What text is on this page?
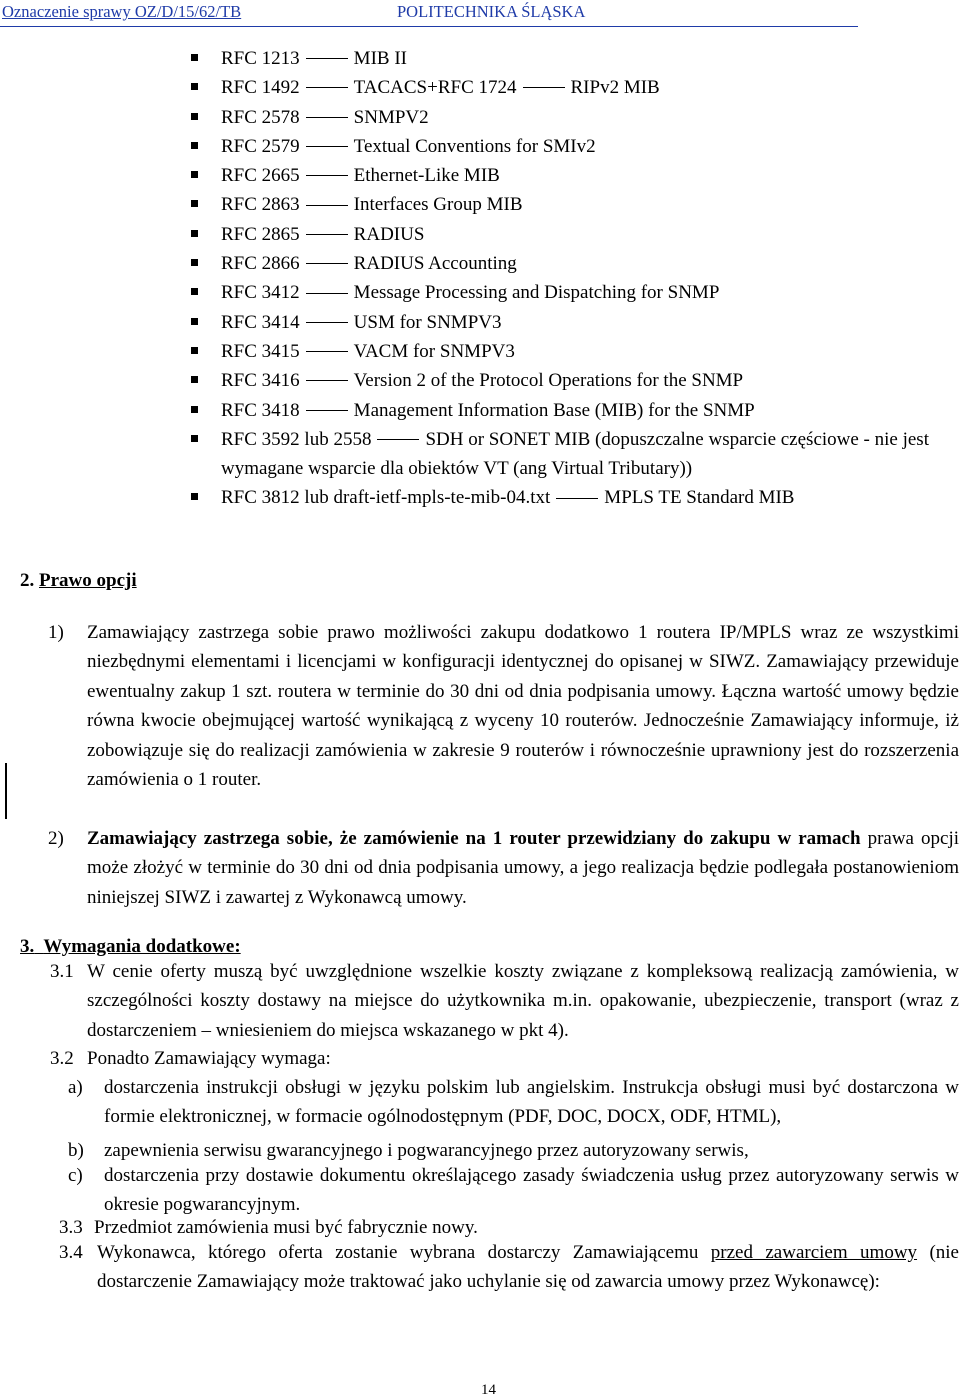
Oznaczenie sprawy OZ/D/15/62/TB	POLITECHNIKA ŚLĄSKA
RFC 1213	MIB II
RFC 1492	TACACS+RFC 1724	RIPv2 MIB
RFC 2578	SNMPV2
RFC 2579	Textual Conventions for SMIv2
RFC 2665	Ethernet-Like MIB
RFC 2863	Interfaces Group MIB
RFC 2865	RADIUS
RFC 2866	RADIUS Accounting
RFC 3412	Message Processing and Dispatching for SNMP
RFC 3414	USM for SNMPV3
RFC 3415	VACM for SNMPV3
RFC 3416	Version 2 of the Protocol Operations for the SNMP
RFC 3418	Management Information Base (MIB) for the SNMP
RFC 3592 lub 2558	SDH or SONET MIB (dopuszczalne wsparcie częściowe - nie jest wymagane wsparcie dla obiektów VT (ang Virtual Tributary))
RFC 3812 lub draft-ietf-mpls-te-mib-04.txt	MPLS TE Standard MIB
2. Prawo opcji
1) Zamawiający zastrzega sobie prawo możliwości zakupu dodatkowo 1 routera IP/MPLS wraz ze wszystkimi niezbędnymi elementami i licencjami w konfiguracji identycznej do opisanej w SIWZ. Zamawiający przewiduje ewentualny zakup 1 szt. routera w terminie do 30 dni od dnia podpisania umowy. Łączna wartość umowy będzie równa kwocie obejmującej wartość wynikającą z wyceny 10 routerów. Jednocześnie Zamawiający informuje, iż zobowiązuje się do realizacji zamówienia w zakresie 9 routerów i równocześnie uprawniony jest do rozszerzenia zamówienia o 1 router.
2) Zamawiający zastrzega sobie, że zamówienie na 1 router przewidziany do zakupu w ramach prawa opcji może złożyć w terminie do 30 dni od dnia podpisania umowy, a jego realizacja będzie podlegała postanowieniom niniejszej SIWZ i zawartej z Wykonawcą umowy.
3. Wymagania dodatkowe:
3.1 W cenie oferty muszą być uwzględnione wszelkie koszty związane z kompleksową realizacją zamówienia, w szczególności koszty dostawy na miejsce do użytkownika m.in. opakowanie, ubezpieczenie, transport (wraz z dostarczeniem – wniesieniem do miejsca wskazanego w pkt 4).
3.2 Ponadto Zamawiający wymaga:
a) dostarczenia instrukcji obsługi w języku polskim lub angielskim. Instrukcja obsługi musi być dostarczona w formie elektronicznej, w formacie ogólnodostępnym (PDF, DOC, DOCX, ODF, HTML),
b) zapewnienia serwisu gwarancyjnego i pogwarancyjnego przez autoryzowany serwis,
c) dostarczenia przy dostawie dokumentu określającego zasady świadczenia usług przez autoryzowany serwis w okresie pogwarancyjnym.
3.3 Przedmiot zamówienia musi być fabrycznie nowy.
3.4 Wykonawca, którego oferta zostanie wybrana dostarczy Zamawiającemu przed zawarciem umowy (nie dostarczenie Zamawiający może traktować jako uchylanie się od zawarcia umowy przez Wykonawcę):
14
